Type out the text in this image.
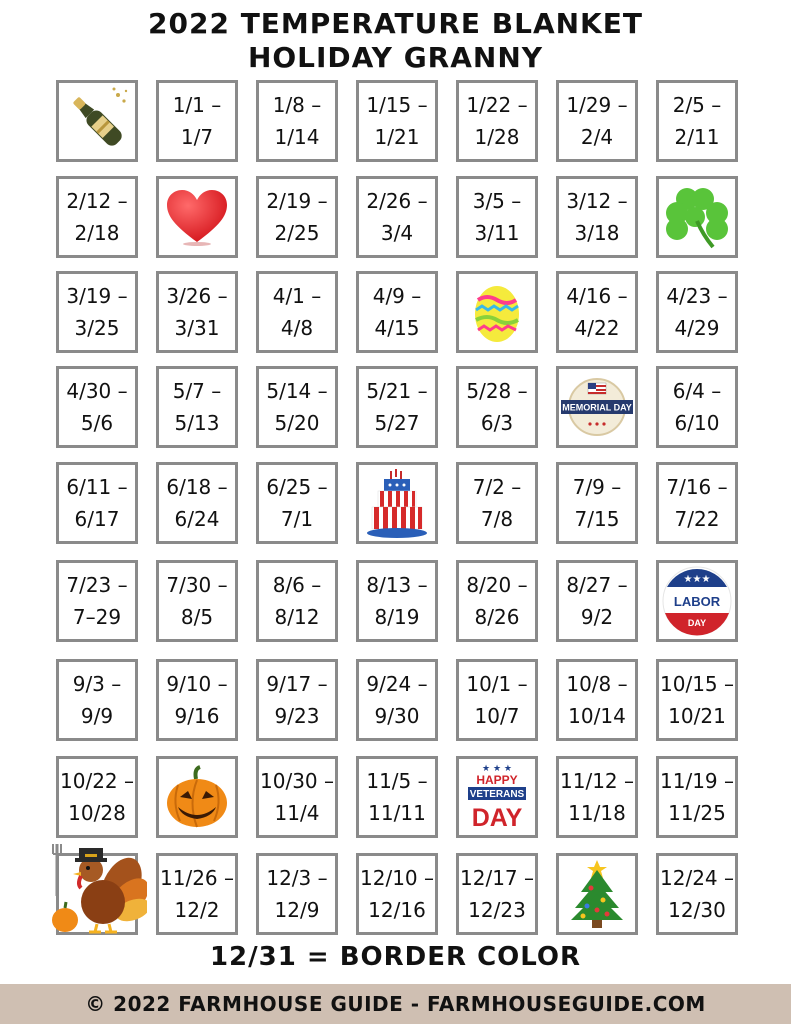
2022 TEMPERATURE BLANKET
HOLIDAY GRANNY
1/1 –
1/7
1/8 –
1/14
1/15 –
1/21
1/22 –
1/28
1/29 –
2/4
2/5 –
2/11
2/12 –
2/18
2/19 –
2/25
2/26 –
3/4
3/5 –
3/11
3/12 –
3/18
3/19 –
3/25
3/26 –
3/31
4/1 –
4/8
4/9 –
4/15
4/16 –
4/22
4/23 –
4/29
4/30 –
5/6
5/7 –
5/13
5/14 –
5/20
5/21 –
5/27
5/28 –
6/3
MEMORIAL DAY
6/4 –
6/10
6/11 –
6/17
6/18 –
6/24
6/25 –
7/1
7/2 –
7/8
7/9 –
7/15
7/16 –
7/22
7/23 –
7–29
7/30 –
8/5
8/6 –
8/12
8/13 –
8/19
8/20 –
8/26
8/27 –
9/2
★★★
LABOR
DAY
9/3 –
9/9
9/10 –
9/16
9/17 –
9/23
9/24 –
9/30
10/1 –
10/7
10/8 –
10/14
10/15 –
10/21
10/22 –
10/28
10/30 –
11/4
11/5 –
11/11
★ ★ ★
HAPPY
VETERANS
DAY
11/12 –
11/18
11/19 –
11/25
11/26 –
12/2
12/3 –
12/9
12/10 –
12/16
12/17 –
12/23
12/24 –
12/30
12/31 = BORDER COLOR
© 2022 FARMHOUSE GUIDE - FARMHOUSEGUIDE.COM
